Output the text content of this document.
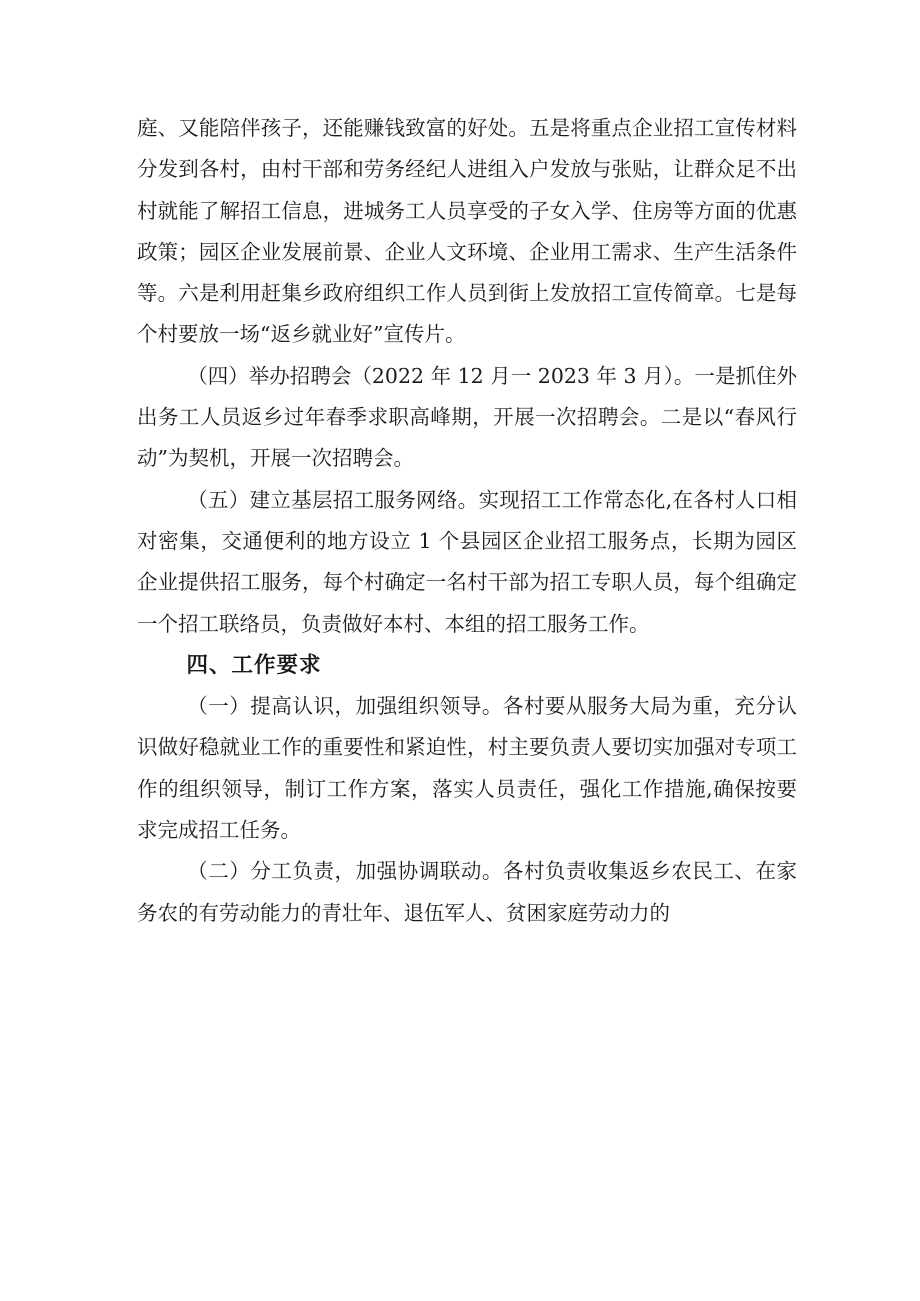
庭、又能陪伴孩子，还能赚钱致富的好处。五是将重点企业招工宣传材料分发到各村，由村干部和劳务经纪人进组入户发放与张贴，让群众足不出村就能了解招工信息，进城务工人员享受的子女入学、住房等方面的优惠政策；园区企业发展前景、企业人文环境、企业用工需求、生产生活条件等。六是利用赶集乡政府组织工作人员到街上发放招工宣传简章。七是每个村要放一场“返乡就业好”宣传片。

（四）举办招聘会（2022 年 12 月一 2023 年 3 月）。一是抓住外出务工人员返乡过年春季求职高峰期，开展一次招聘会。二是以“春风行动”为契机，开展一次招聘会。

（五）建立基层招工服务网络。实现招工工作常态化,在各村人口相对密集，交通便利的地方设立 1 个县园区企业招工服务点，长期为园区企业提供招工服务，每个村确定一名村干部为招工专职人员，每个组确定一个招工联络员，负责做好本村、本组的招工服务工作。

四、工作要求

（一）提高认识，加强组织领导。各村要从服务大局为重，充分认识做好稳就业工作的重要性和紧迫性，村主要负责人要切实加强对专项工作的组织领导，制订工作方案，落实人员责任，强化工作措施,确保按要求完成招工任务。

（二）分工负责，加强协调联动。各村负责收集返乡农民工、在家务农的有劳动能力的青壮年、退伍军人、贫困家庭劳动力的
